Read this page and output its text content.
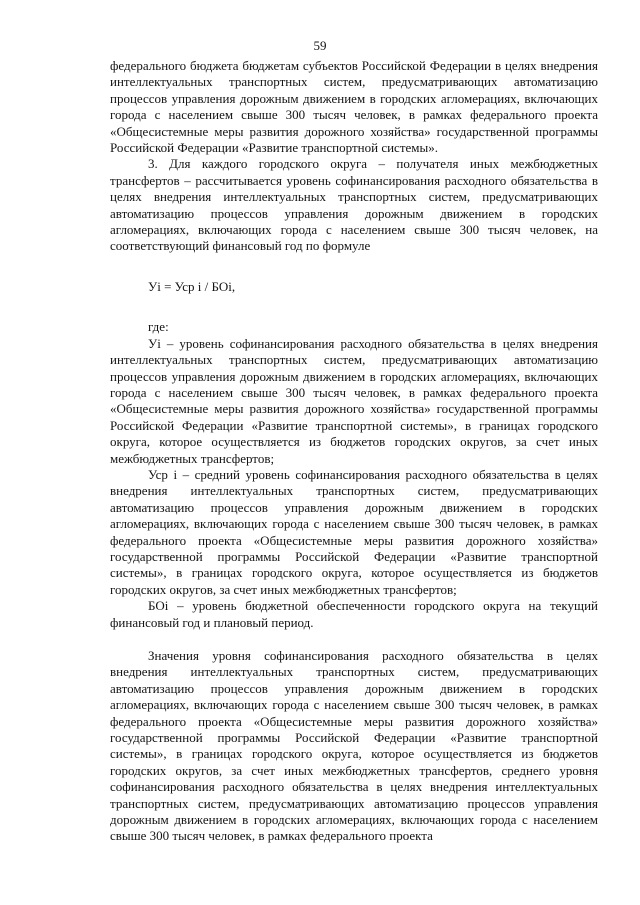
59

федерального бюджета бюджетам субъектов Российской Федерации в целях внедрения интеллектуальных транспортных систем, предусматривающих автоматизацию процессов управления дорожным движением в городских агломерациях, включающих города с населением свыше 300 тысяч человек, в рамках федерального проекта «Общесистемные меры развития дорожного хозяйства» государственной программы Российской Федерации «Развитие транспортной системы».

3. Для каждого городского округа – получателя иных межбюджетных трансфертов – рассчитывается уровень софинансирования расходного обязательства в целях внедрения интеллектуальных транспортных систем, предусматривающих автоматизацию процессов управления дорожным движением в городских агломерациях, включающих города с населением свыше 300 тысяч человек, на соответствующий финансовый год по формуле

Уi = Уср i / БОi,

где:

Уi – уровень софинансирования расходного обязательства в целях внедрения интеллектуальных транспортных систем, предусматривающих автоматизацию процессов управления дорожным движением в городских агломерациях, включающих города с населением свыше 300 тысяч человек, в рамках федерального проекта «Общесистемные меры развития дорожного хозяйства» государственной программы Российской Федерации «Развитие транспортной системы», в границах городского округа, которое осуществляется из бюджетов городских округов, за счет иных межбюджетных трансфертов;

Уср i – средний уровень софинансирования расходного обязательства в целях внедрения интеллектуальных транспортных систем, предусматривающих автоматизацию процессов управления дорожным движением в городских агломерациях, включающих города с населением свыше 300 тысяч человек, в рамках федерального проекта «Общесистемные меры развития дорожного хозяйства» государственной программы Российской Федерации «Развитие транспортной системы», в границах городского округа, которое осуществляется из бюджетов городских округов, за счет иных межбюджетных трансфертов;

БОi – уровень бюджетной обеспеченности городского округа на текущий финансовый год и плановый период.

Значения уровня софинансирования расходного обязательства в целях внедрения интеллектуальных транспортных систем, предусматривающих автоматизацию процессов управления дорожным движением в городских агломерациях, включающих города с населением свыше 300 тысяч человек, в рамках федерального проекта «Общесистемные меры развития дорожного хозяйства» государственной программы Российской Федерации «Развитие транспортной системы», в границах городского округа, которое осуществляется из бюджетов городских округов, за счет иных межбюджетных трансфертов, среднего уровня софинансирования расходного обязательства в целях внедрения интеллектуальных транспортных систем, предусматривающих автоматизацию процессов управления дорожным движением в городских агломерациях, включающих города с населением свыше 300 тысяч человек, в рамках федерального проекта
